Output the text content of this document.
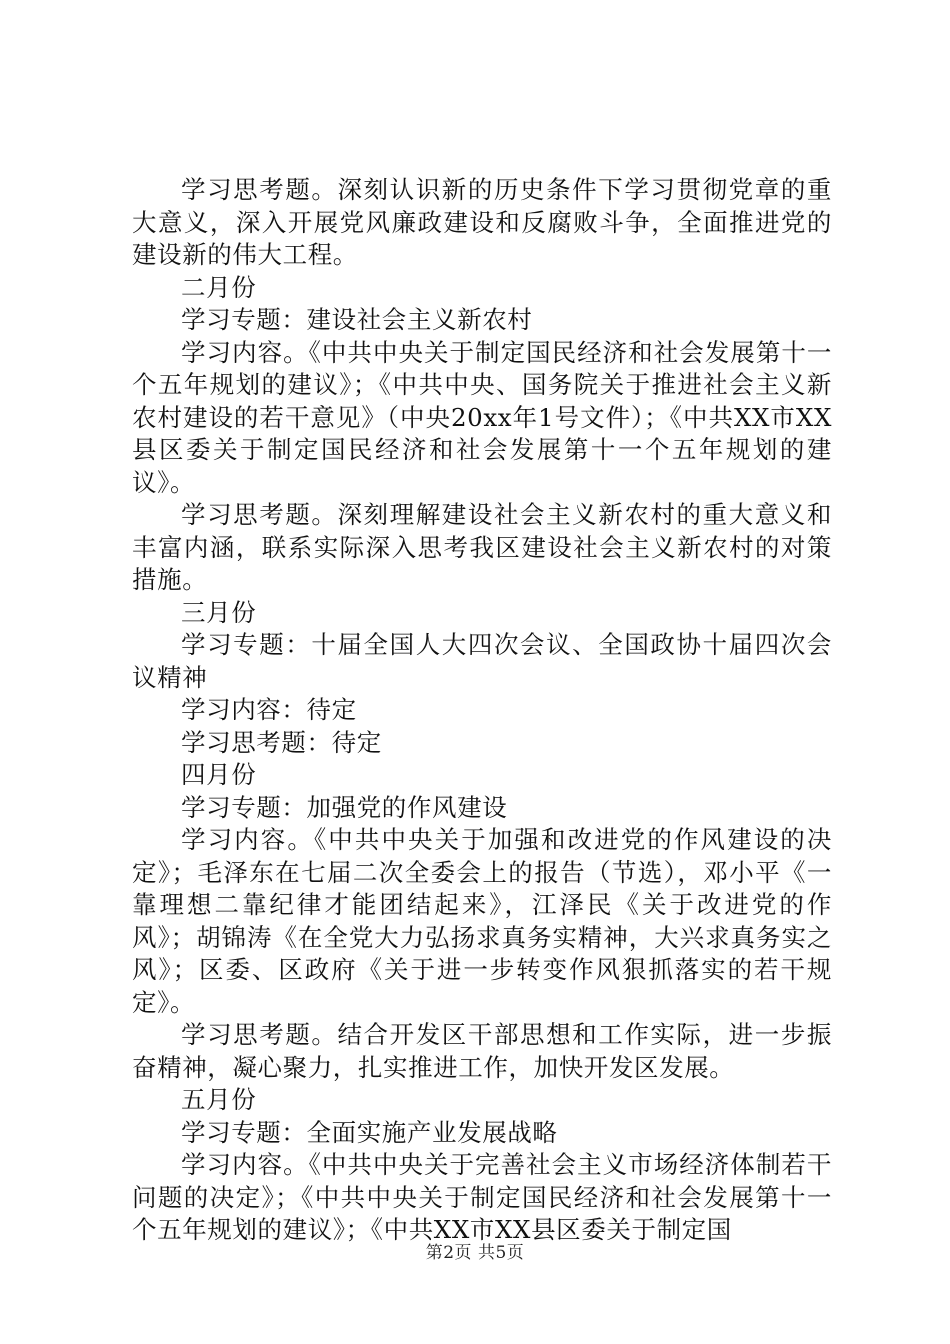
学习思考题。深刻认识新的历史条件下学习贯彻党章的重大意义，深入开展党风廉政建设和反腐败斗争，全面推进党的建设新的伟大工程。

二月份

学习专题：建设社会主义新农村

学习内容。《中共中央关于制定国民经济和社会发展第十一个五年规划的建议》；《中共中央、国务院关于推进社会主义新农村建设的若干意见》（中央20xx年1号文件）；《中共XX市XX县区委关于制定国民经济和社会发展第十一个五年规划的建议》。

学习思考题。深刻理解建设社会主义新农村的重大意义和丰富内涵，联系实际深入思考我区建设社会主义新农村的对策措施。

三月份

学习专题：十届全国人大四次会议、全国政协十届四次会议精神

学习内容：待定

学习思考题：待定

四月份

学习专题：加强党的作风建设

学习内容。《中共中央关于加强和改进党的作风建设的决定》；毛泽东在七届二次全委会上的报告（节选），邓小平《一靠理想二靠纪律才能团结起来》，江泽民《关于改进党的作风》；胡锦涛《在全党大力弘扬求真务实精神，大兴求真务实之风》；区委、区政府《关于进一步转变作风狠抓落实的若干规定》。

学习思考题。结合开发区干部思想和工作实际，进一步振奋精神，凝心聚力，扎实推进工作，加快开发区发展。

五月份

学习专题：全面实施产业发展战略

学习内容。《中共中央关于完善社会主义市场经济体制若干问题的决定》；《中共中央关于制定国民经济和社会发展第十一个五年规划的建议》；《中共XX市XX县区委关于制定国

第2页 共5页
